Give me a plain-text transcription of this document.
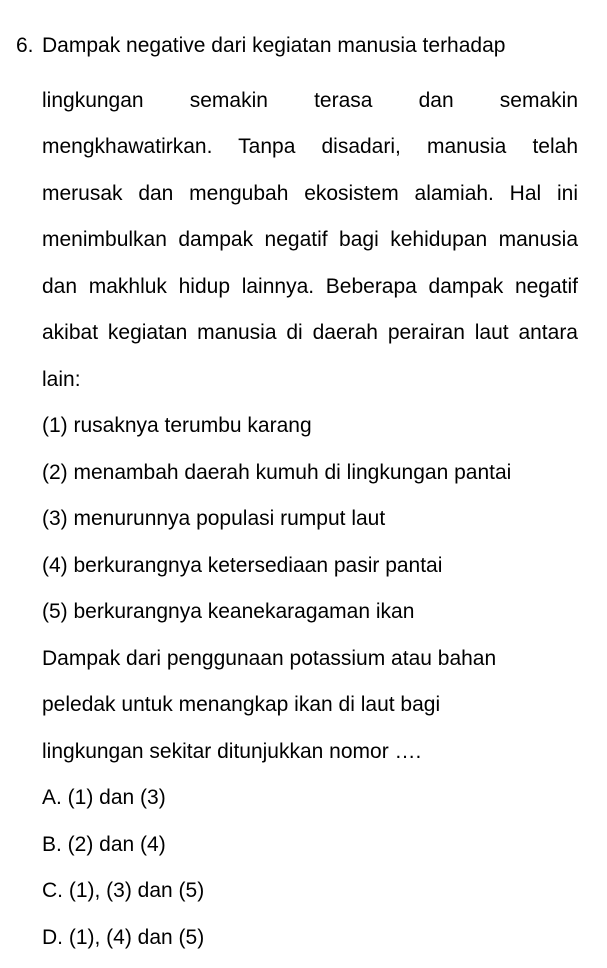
6. Dampak negative dari kegiatan manusia terhadap
lingkungan semakin terasa dan semakin mengkhawatirkan. Tanpa disadari, manusia telah merusak dan mengubah ekosistem alamiah. Hal ini menimbulkan dampak negatif bagi kehidupan manusia dan makhluk hidup lainnya. Beberapa dampak negatif akibat kegiatan manusia di daerah perairan laut antara lain:
(1) rusaknya terumbu karang
(2) menambah daerah kumuh di lingkungan pantai
(3) menurunnya populasi rumput laut
(4) berkurangnya ketersediaan pasir pantai
(5) berkurangnya keanekaragaman ikan
Dampak dari penggunaan potassium atau bahan
peledak untuk menangkap ikan di laut bagi
lingkungan sekitar ditunjukkan nomor ….
A. (1) dan (3)
B. (2) dan (4)
C. (1), (3) dan (5)
D. (1), (4) dan (5)
